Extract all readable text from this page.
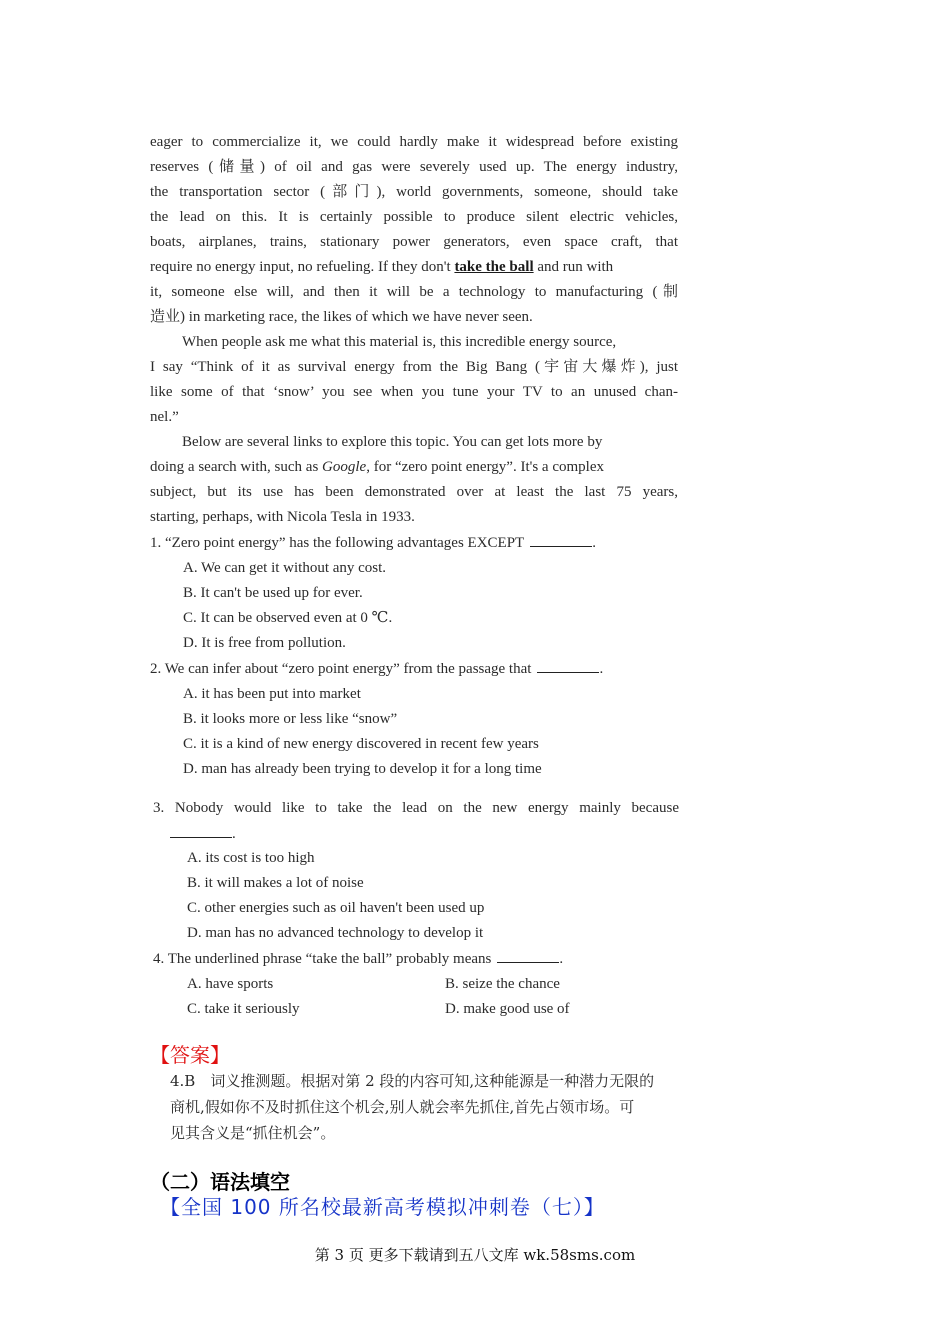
eager to commercialize it, we could hardly make it widespread before existing
reserves (储量) of oil and gas were severely used up. The energy industry,
the transportation sector (部门), world governments, someone, should take
the lead on this. It is certainly possible to produce silent electric vehicles,
boats, airplanes, trains, stationary power generators, even space craft, that
require no energy input, no refueling. If they don't take the ball and run with
it, someone else will, and then it will be a technology to manufacturing (制
造业) in marketing race, the likes of which we have never seen.
When people ask me what this material is, this incredible energy source,
I say “Think of it as survival energy from the Big Bang (宇宙大爆炸), just
like some of that ‘snow’ you see when you tune your TV to an unused chan-
nel.”
Below are several links to explore this topic. You can get lots more by
doing a search with, such as Google, for “zero point energy”. It's a complex
subject, but its use has been demonstrated over at least the last 75 years,
starting, perhaps, with Nicola Tesla in 1933.
1. “Zero point energy” has the following advantages EXCEPT	.
A. We can get it without any cost.
B. It can't be used up for ever.
C. It can be observed even at 0 ℃.
D. It is free from pollution.
2. We can infer about “zero point energy” from the passage that	.
A. it has been put into market
B. it looks more or less like “snow”
C. it is a kind of new energy discovered in recent few years
D. man has already been trying to develop it for a long time
3. Nobody would like to take the lead on the new energy mainly because
.
A. its cost is too high
B. it will makes a lot of noise
C. other energies such as oil haven't been used up
D. man has no advanced technology to develop it
4. The underlined phrase “take the ball” probably means	.
A. have sports	B. seize the chance
C. take it seriously	D. make good use of
【答案】
4.B　词义推测题。根据对第 2 段的内容可知,这种能源是一种潜力无限的
商机,假如你不及时抓住这个机会,别人就会率先抓住,首先占领市场。可
见其含义是“抓住机会”。
（二）语法填空
【全国 100 所名校最新高考模拟冲刺卷（七）】
第 3 页 更多下载请到五八文库 wk.58sms.com
